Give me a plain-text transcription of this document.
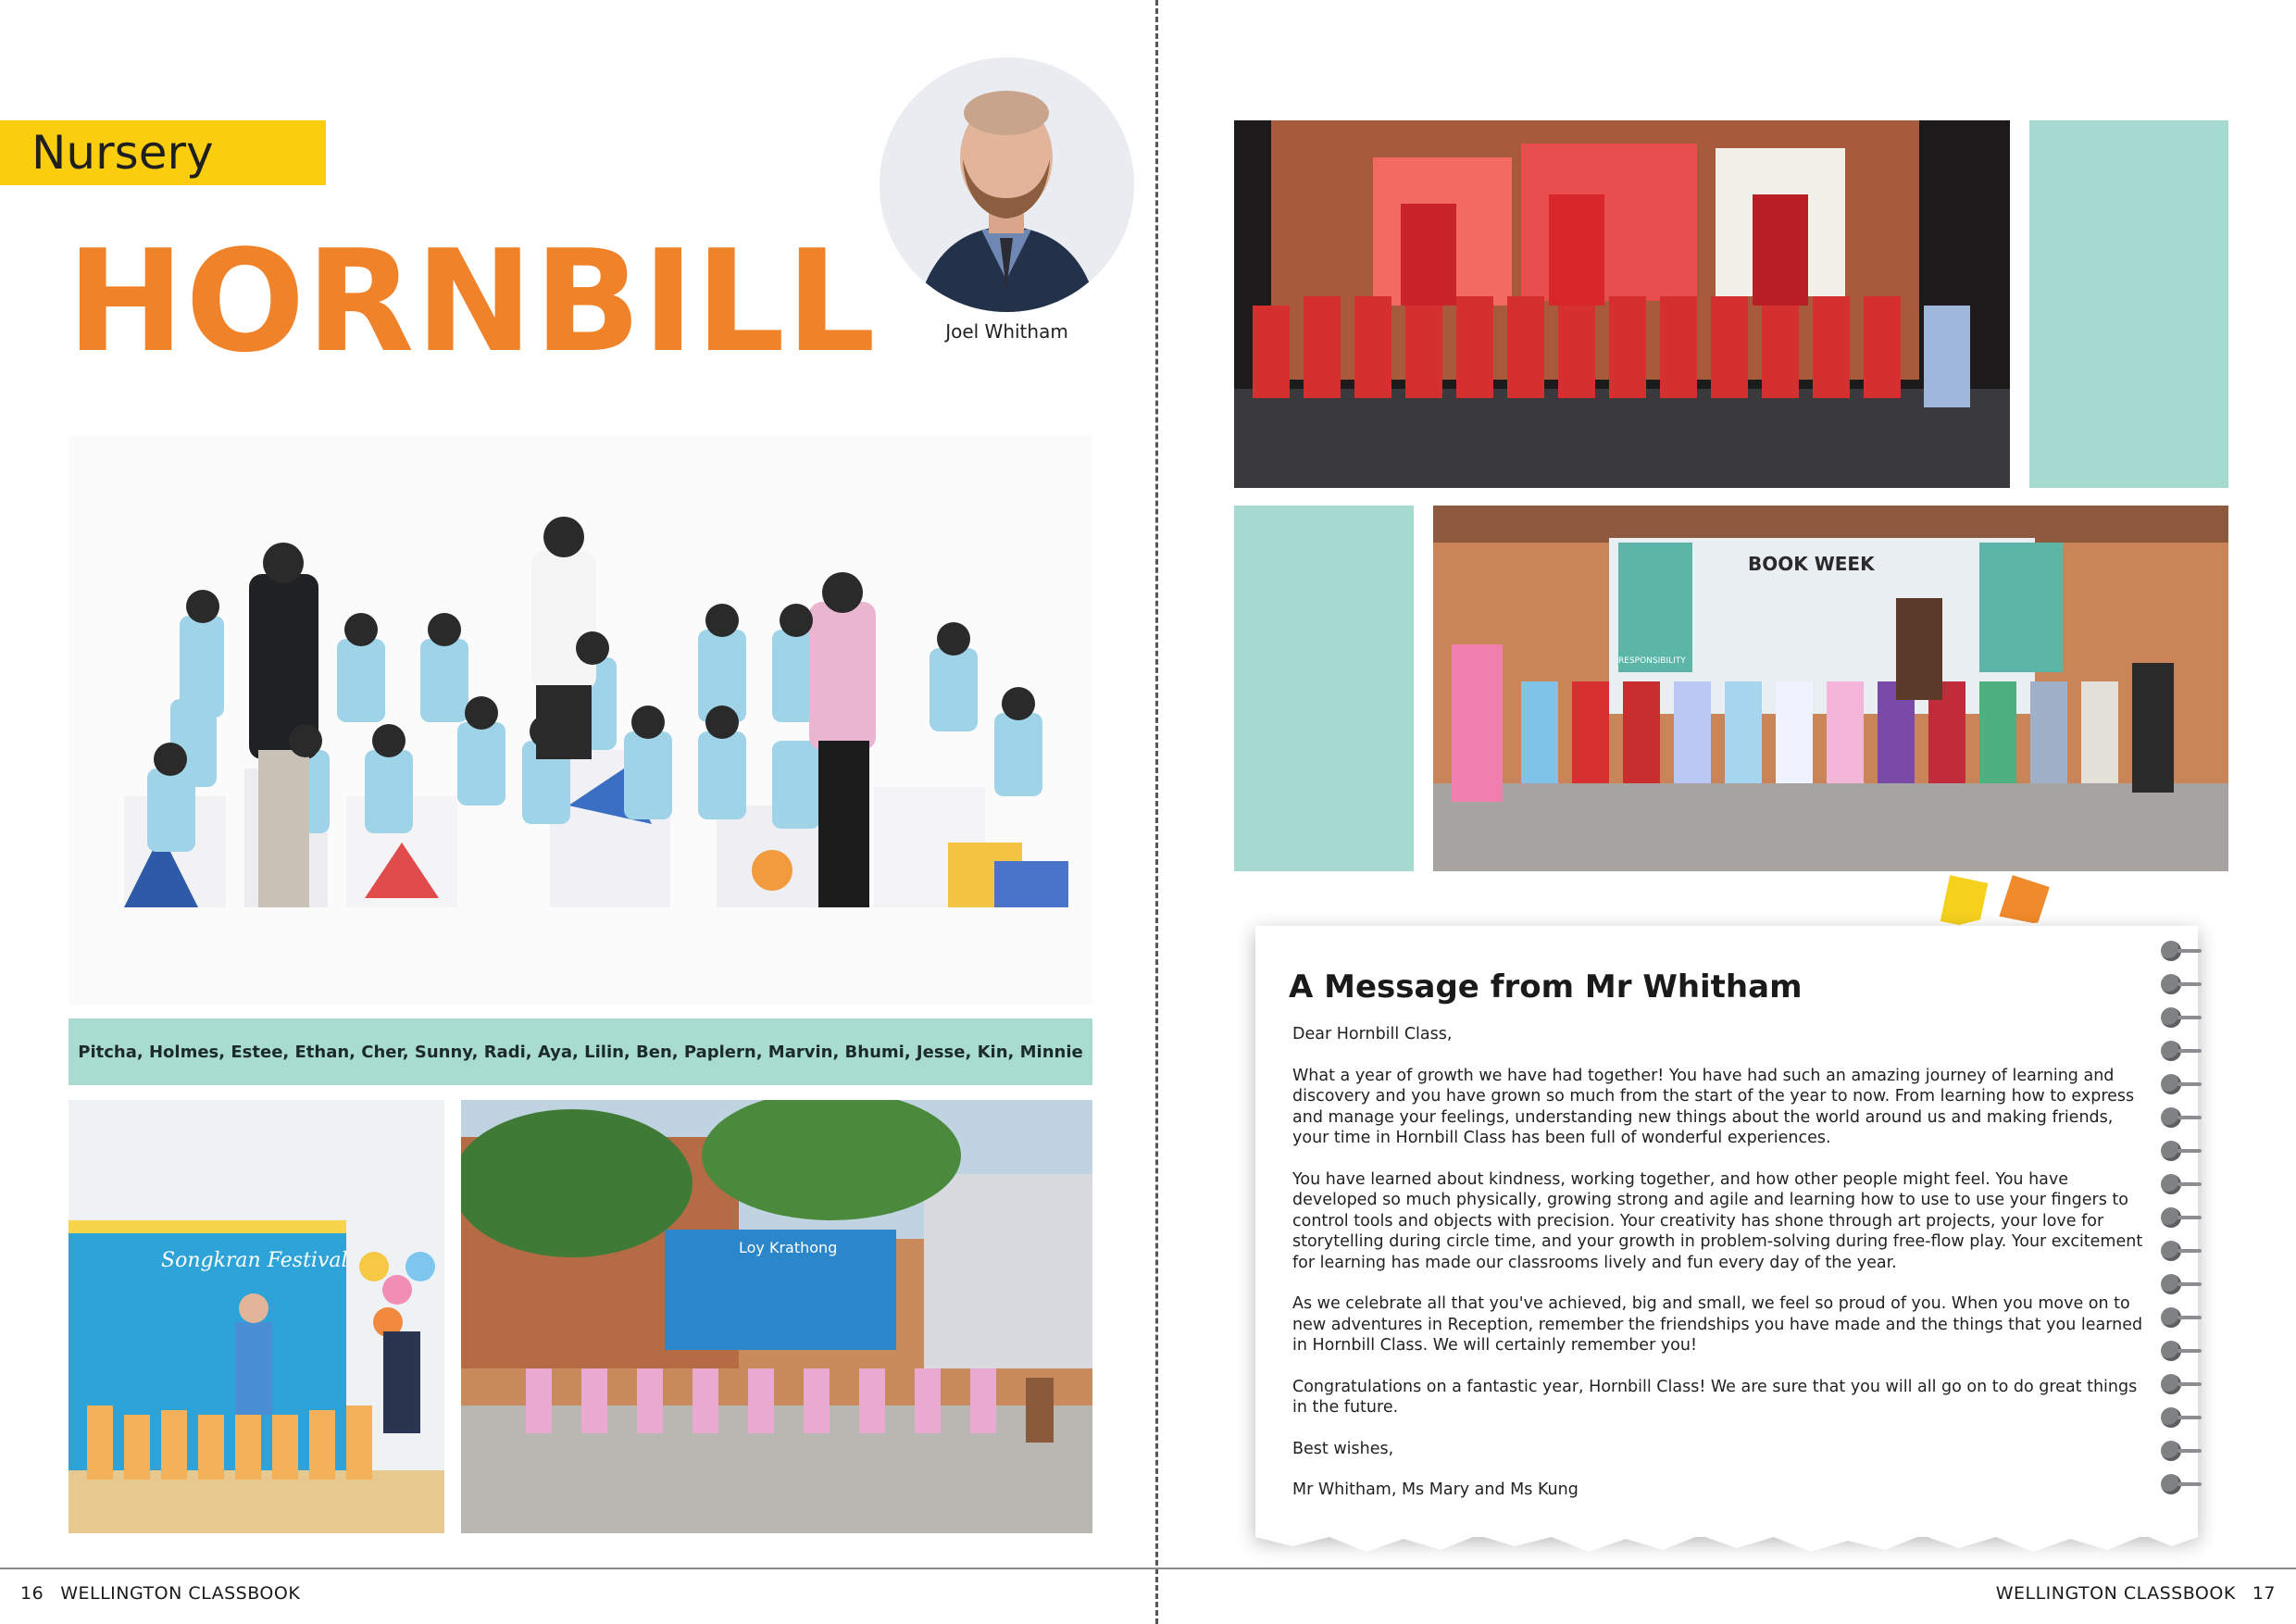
Nursery
HORNBILL	Joel Whitham
Pitcha, Holmes, Estee, Ethan, Cher, Sunny, Radi, Aya, Lilin, Ben, Paplern, Marvin, Bhumi, Jesse, Kin, Minnie
Songkran Festival
Loy Krathong
16 WELLINGTON CLASSBOOK
BOOK WEEK
RESPONSIBILITY
A Message from Mr Whitham

Dear Hornbill Class,

What a year of growth we have had together! You have had such an amazing journey of learning and discovery and you have grown so much from the start of the year to now. From learning how to express and manage your feelings, understanding new things about the world around us and making friends, your time in Hornbill Class has been full of wonderful experiences.

You have learned about kindness, working together, and how other people might feel. You have developed so much physically, growing strong and agile and learning how to use to use your fingers to control tools and objects with precision. Your creativity has shone through art projects, your love for storytelling during circle time, and your growth in problem-solving during free-flow play. Your excitement for learning has made our classrooms lively and fun every day of the year.

As we celebrate all that you've achieved, big and small, we feel so proud of you. When you move on to new adventures in Reception, remember the friendships you have made and the things that you learned in Hornbill Class. We will certainly remember you!

Congratulations on a fantastic year, Hornbill Class! We are sure that you will all go on to do great things in the future.

Best wishes,

Mr Whitham, Ms Mary and Ms Kung

WELLINGTON CLASSBOOK 17
